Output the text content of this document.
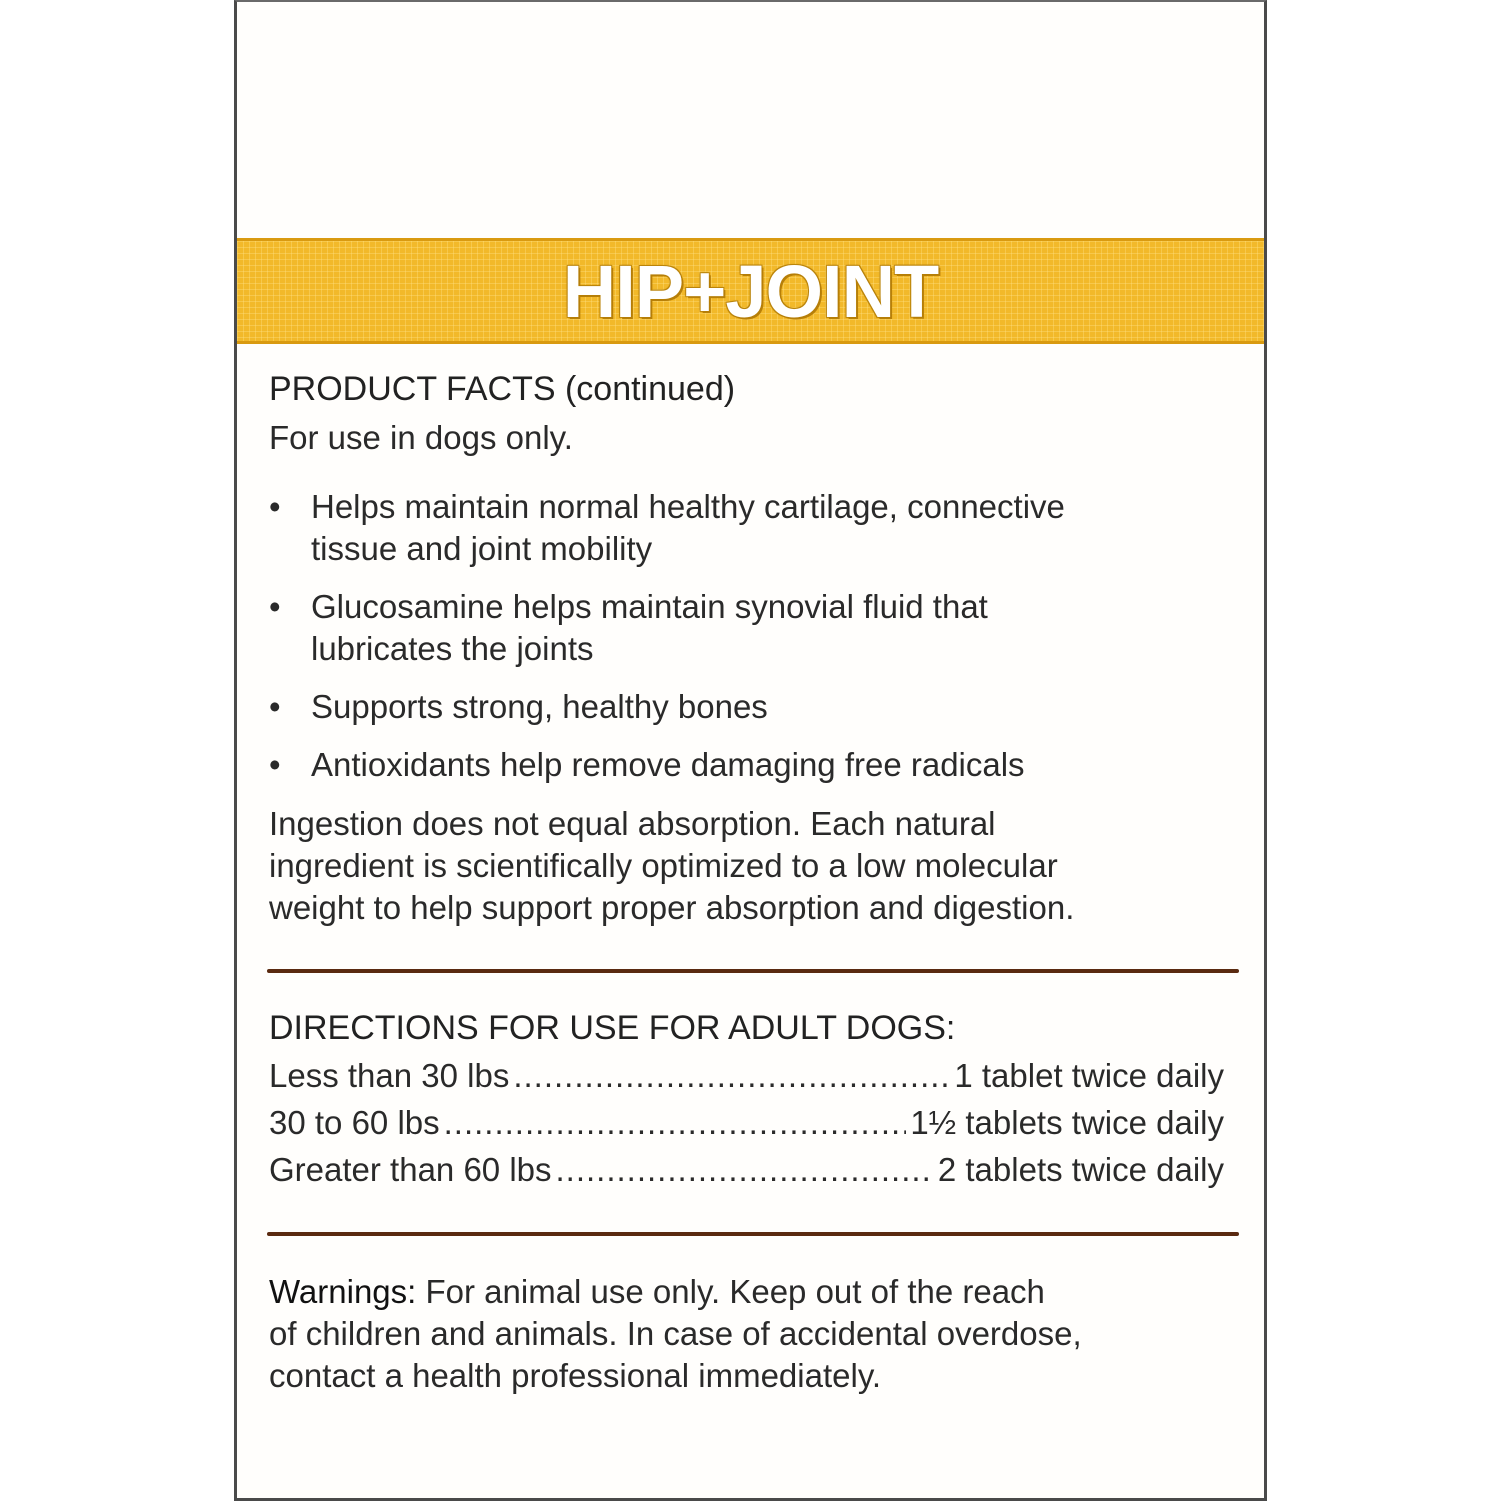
HIP+JOINT
PRODUCT FACTS (continued)
For use in dogs only.
• Helps maintain normal healthy cartilage, connective
tissue and joint mobility
• Glucosamine helps maintain synovial fluid that
lubricates the joints
• Supports strong, healthy bones
• Antioxidants help remove damaging free radicals
Ingestion does not equal absorption. Each natural
ingredient is scientifically optimized to a low molecular
weight to help support proper absorption and digestion.
DIRECTIONS FOR USE FOR ADULT DOGS:
Less than 30 lbs .....	1 tablet twice daily
30 to 60 lbs .....	1½ tablets twice daily
Greater than 60 lbs .....	2 tablets twice daily
Warnings: For animal use only. Keep out of the reach
of children and animals. In case of accidental overdose,
contact a health professional immediately.
